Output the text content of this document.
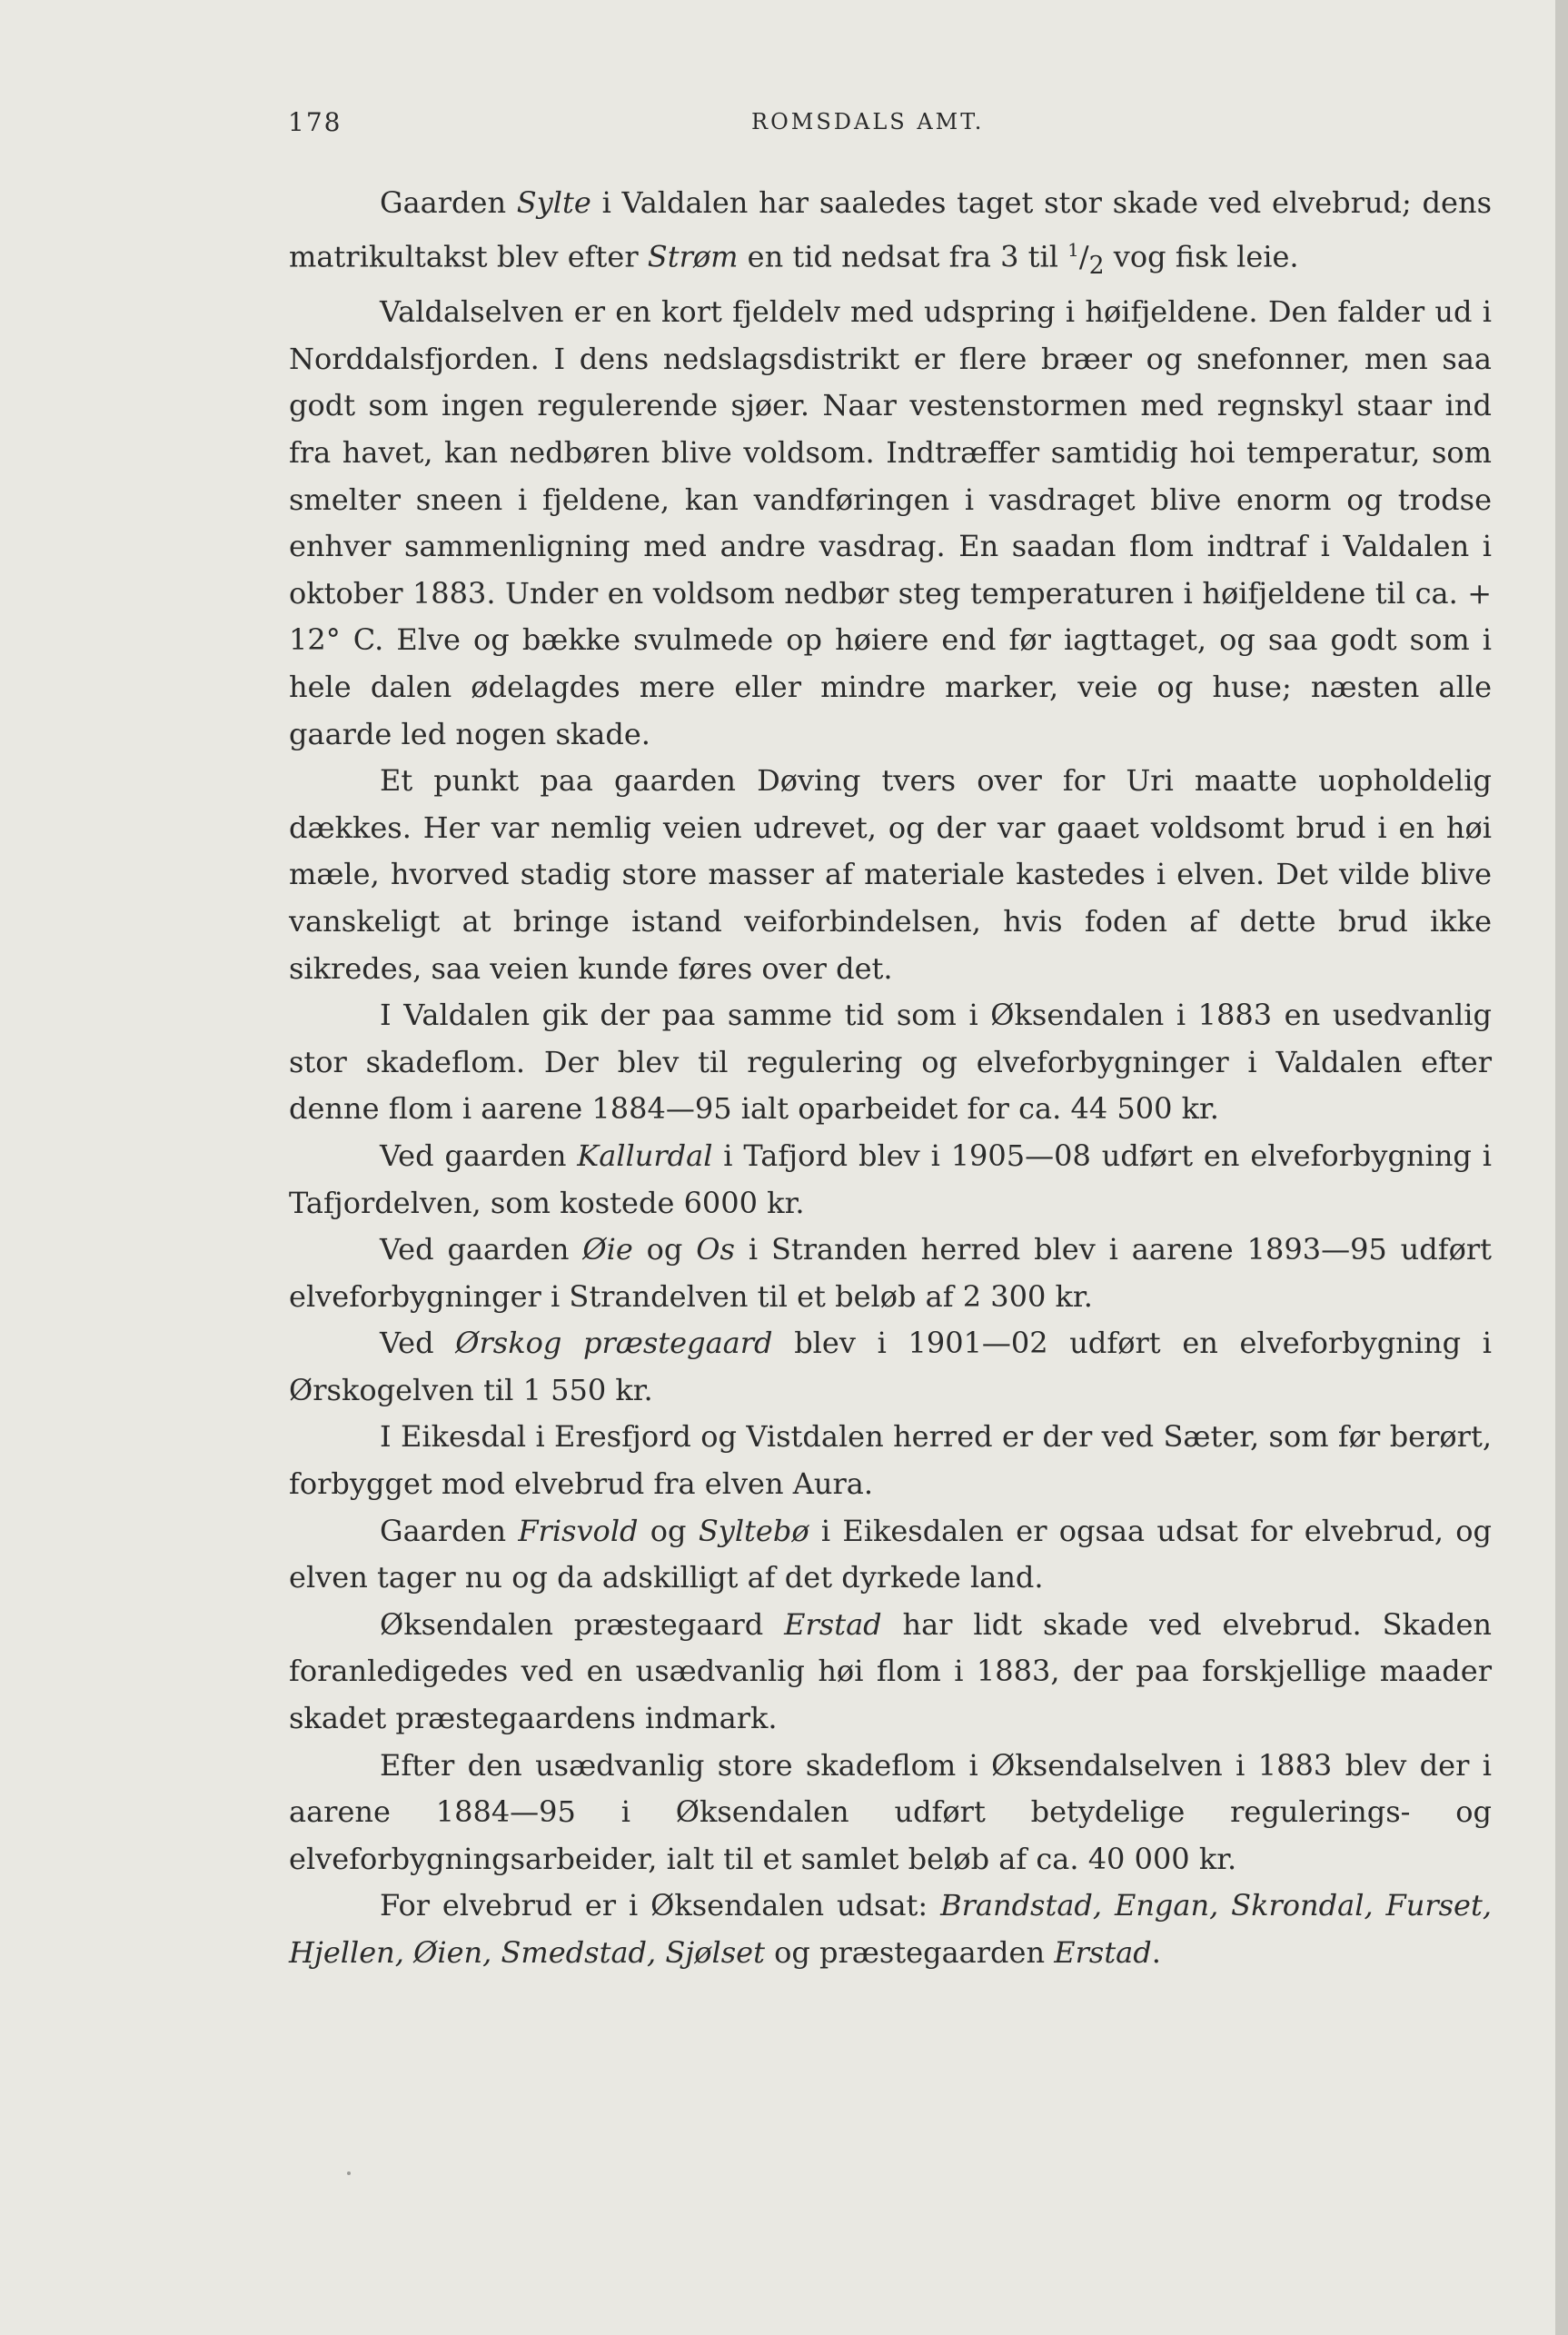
178	ROMSDALS AMT.

Gaarden Sylte i Valdalen har saaledes taget stor skade ved elvebrud; dens matrikultakst blev efter Strøm en tid nedsat fra 3 til $^1/_2$ vog fisk leie.

Valdalselven er en kort fjeldelv med udspring i høifjeldene. Den falder ud i Norddalsfjorden. I dens nedslagsdistrikt er flere bræer og snefonner, men saa godt som ingen regulerende sjøer. Naar vestenstormen med regnskyl staar ind fra havet, kan nedbøren blive voldsom. Indtræffer samtidig hoi temperatur, som smelter sneen i fjeldene, kan vandføringen i vasdraget blive enorm og trodse enhver sammenligning med andre vasdrag. En saadan flom indtraf i Valdalen i oktober 1883. Under en voldsom nedbør steg temperaturen i høifjeldene til ca. + 12° C. Elve og bække svulmede op høiere end før iagttaget, og saa godt som i hele dalen ødelagdes mere eller mindre marker, veie og huse; næsten alle gaarde led nogen skade.

Et punkt paa gaarden Døving tvers over for Uri maatte uopholdelig dækkes. Her var nemlig veien udrevet, og der var gaaet voldsomt brud i en høi mæle, hvorved stadig store masser af materiale kastedes i elven. Det vilde blive vanskeligt at bringe istand veiforbindelsen, hvis foden af dette brud ikke sikredes, saa veien kunde føres over det.

I Valdalen gik der paa samme tid som i Øksendalen i 1883 en usedvanlig stor skadeflom. Der blev til regulering og elveforbygninger i Valdalen efter denne flom i aarene 1884—95 ialt oparbeidet for ca. 44 500 kr.

Ved gaarden Kallurdal i Tafjord blev i 1905—08 udført en elveforbygning i Tafjordelven, som kostede 6000 kr.

Ved gaarden Øie og Os i Stranden herred blev i aarene 1893—95 udført elveforbygninger i Strandelven til et beløb af 2 300 kr.

Ved Ørskog præstegaard blev i 1901—02 udført en elveforbygning i Ørskogelven til 1 550 kr.

I Eikesdal i Eresfjord og Vistdalen herred er der ved Sæter, som før berørt, forbygget mod elvebrud fra elven Aura.

Gaarden Frisvold og Syltebø i Eikesdalen er ogsaa udsat for elvebrud, og elven tager nu og da adskilligt af det dyrkede land.

Øksendalen præstegaard Erstad har lidt skade ved elvebrud. Skaden foranledigedes ved en usædvanlig høi flom i 1883, der paa forskjellige maader skadet præstegaardens indmark.

Efter den usædvanlig store skadeflom i Øksendalselven i 1883 blev der i aarene 1884—95 i Øksendalen udført betydelige regulerings- og elveforbygningsarbeider, ialt til et samlet beløb af ca. 40 000 kr.

For elvebrud er i Øksendalen udsat: Brandstad, Engan, Skrondal, Furset, Hjellen, Øien, Smedstad, Sjølset og præstegaarden Erstad.
